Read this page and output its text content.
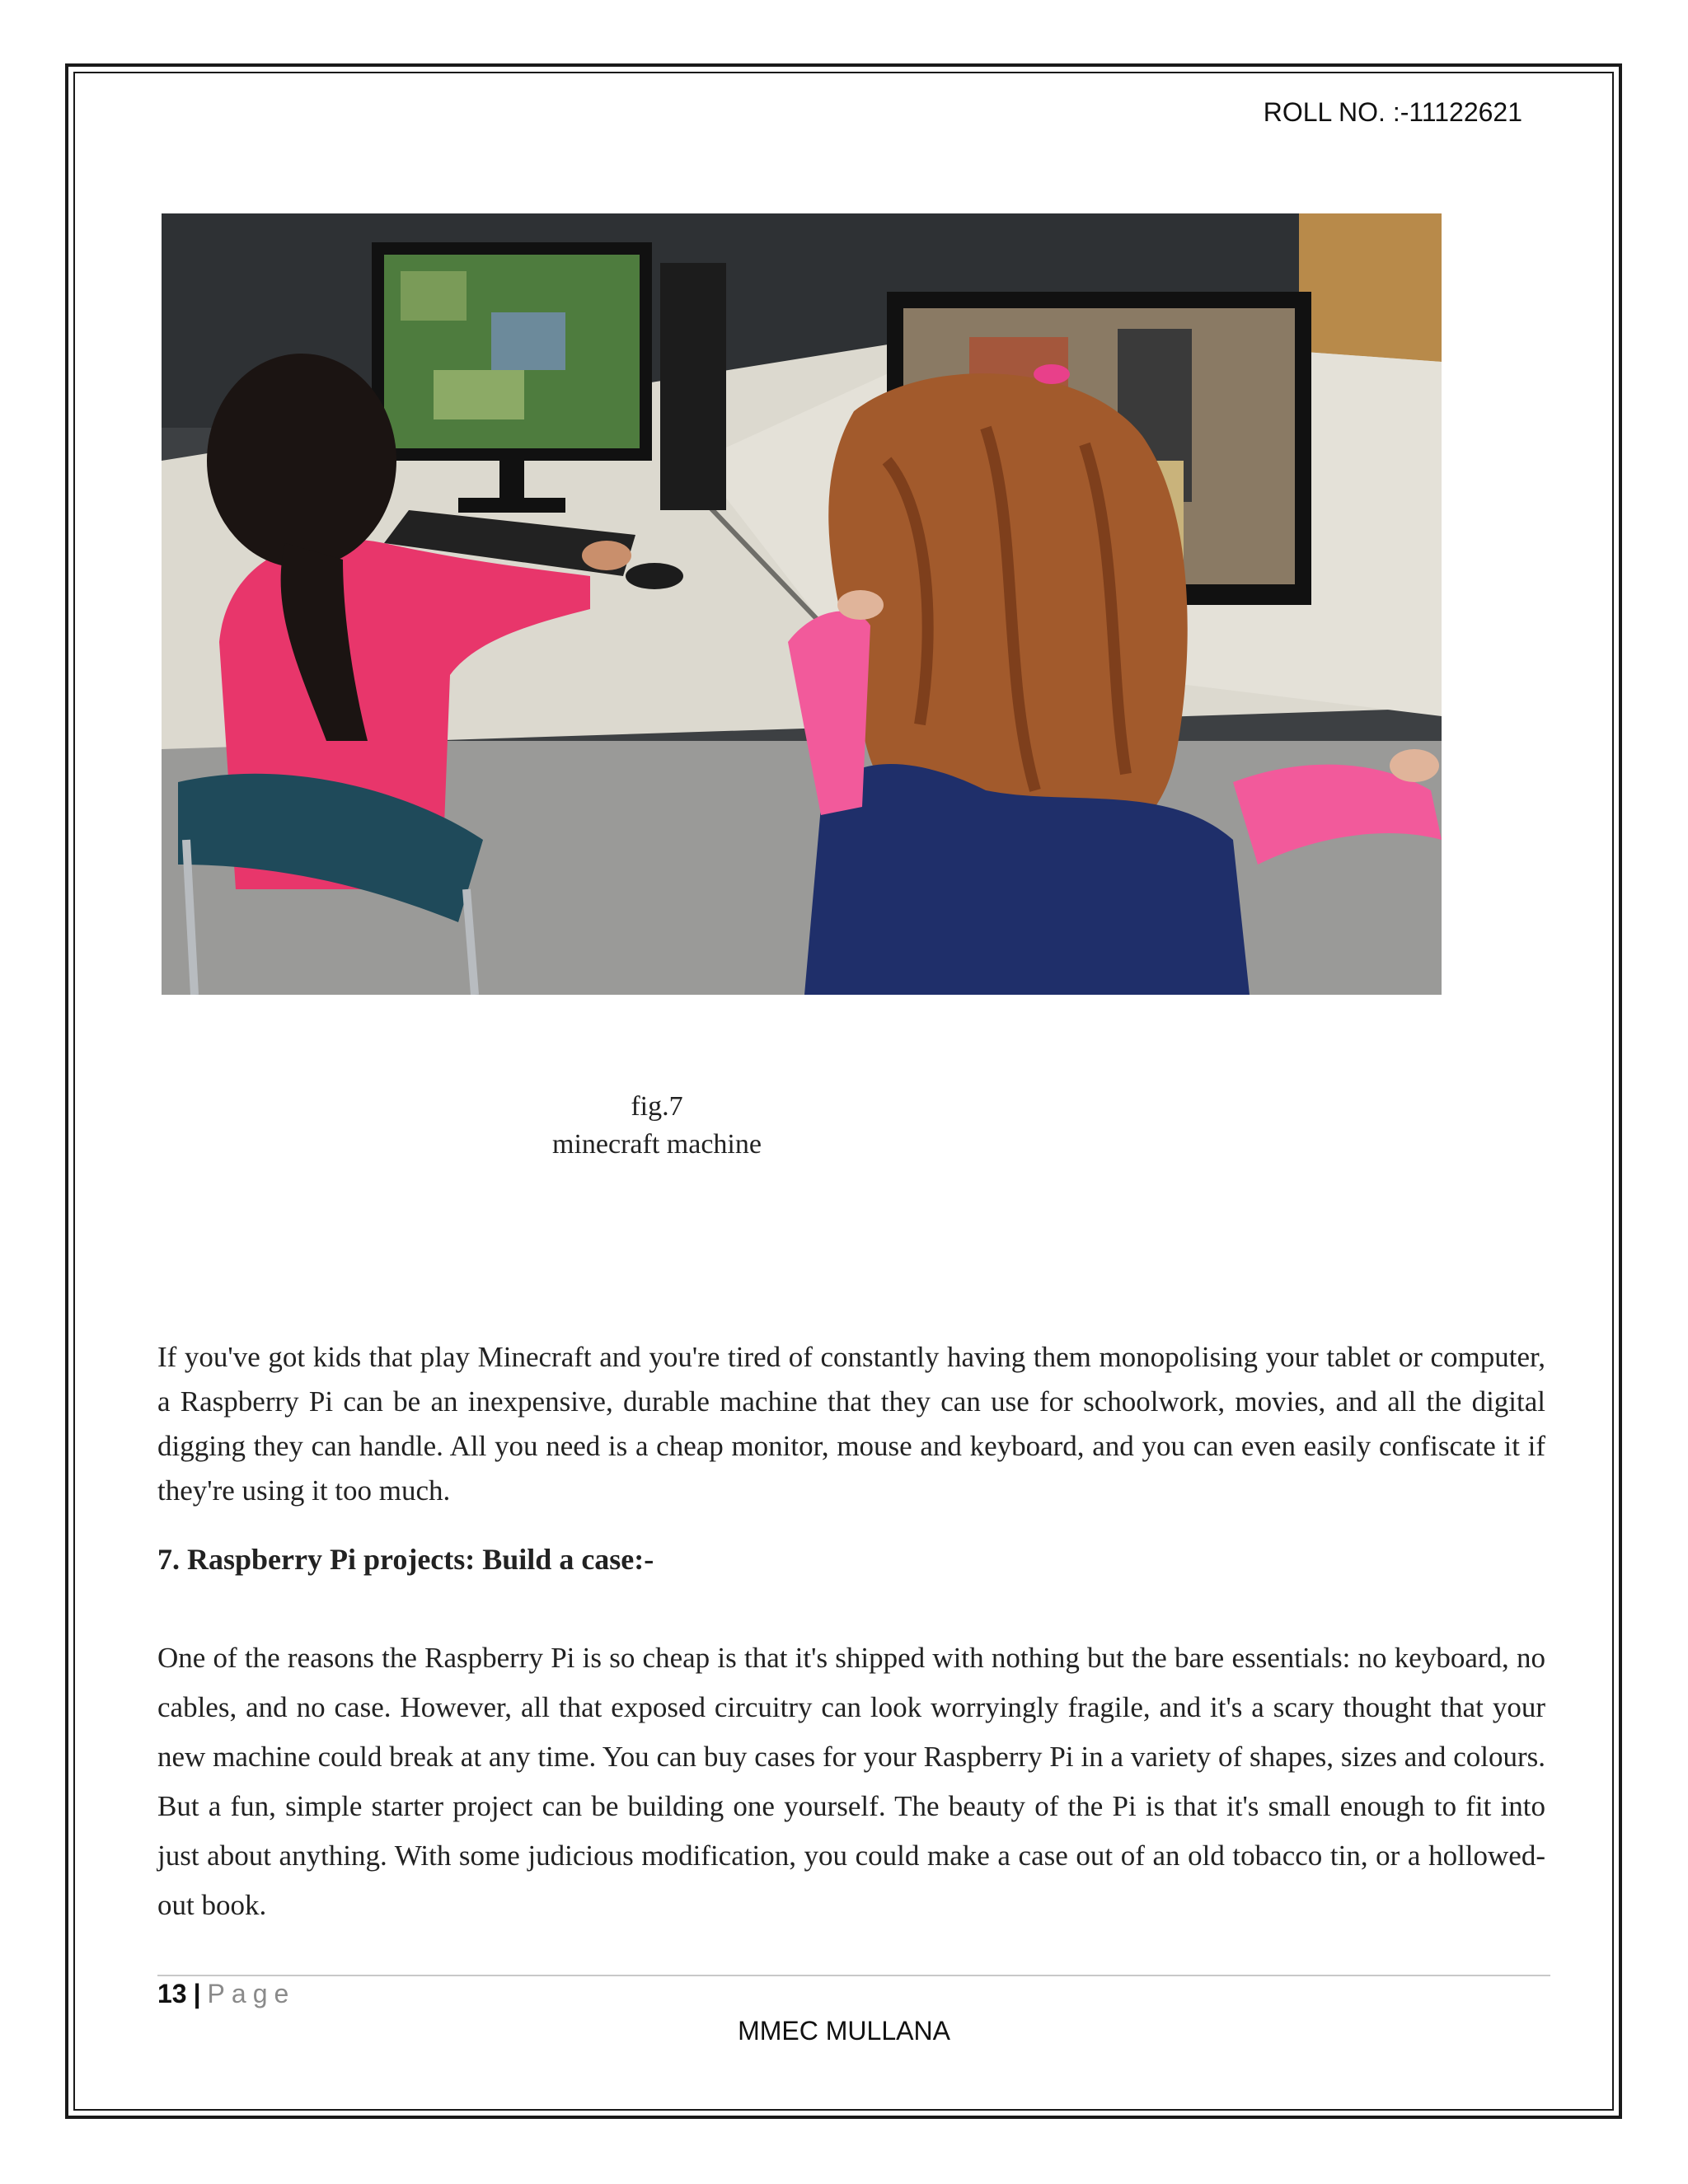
ROLL NO. :-11122621
fig.7
minecraft machine

If you've got kids that play Minecraft and you're tired of constantly having them monopolising your tablet or computer, a Raspberry Pi can be an inexpensive, durable machine that they can use for schoolwork, movies, and all the digital digging they can handle. All you need is a cheap monitor, mouse and keyboard, and you can even easily confiscate it if they're using it too much.

7. Raspberry Pi projects: Build a case:-

One of the reasons the Raspberry Pi is so cheap is that it's shipped with nothing but the bare essentials: no keyboard, no cables, and no case. However, all that exposed circuitry can look worryingly fragile, and it's a scary thought that your new machine could break at any time. You can buy cases for your Raspberry Pi in a variety of shapes, sizes and colours. But a fun, simple starter project can be building one yourself. The beauty of the Pi is that it's small enough to fit into just about anything. With some judicious modification, you could make a case out of an old tobacco tin, or a hollowed-out book.

13 | Page
MMEC MULLANA
